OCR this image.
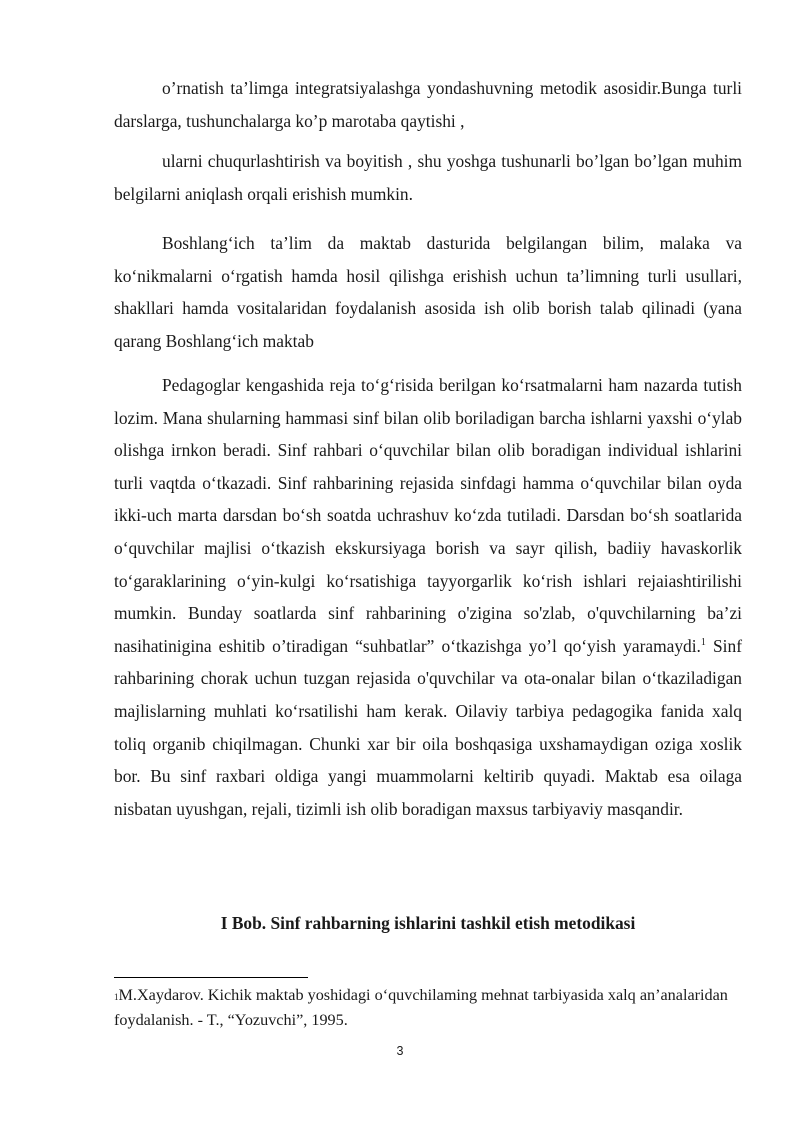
o’rnatish ta’limga integratsiyalashga yondashuvning metodik asosidir.Bunga turli darslarga, tushunchalarga ko’p marotaba qaytishi ,

ularni chuqurlashtirish va boyitish , shu yoshga tushunarli bo’lgan bo’lgan muhim belgilarni aniqlash orqali erishish mumkin.

Boshlang‘ich ta’lim da maktab dasturida belgilangan bilim, malaka va ko‘nikmalarni o‘rgatish hamda hosil qilishga erishish uchun ta’limning turli usullari, shakllari hamda vositalaridan foydalanish asosida ish olib borish talab qilinadi (yana qarang Boshlang‘ich maktab

Pedagoglar kengashida reja to‘g‘risida berilgan ko‘rsatmalarni ham nazarda tutish lozim. Mana shularning hammasi sinf bilan olib boriladigan barcha ishlarni yaxshi o‘ylab olishga irnkon beradi. Sinf rahbari o‘quvchilar bilan olib boradigan individual ishlarini turli vaqtda o‘tkazadi. Sinf rahbarining rejasida sinfdagi hamma o‘quvchilar bilan oyda ikki-uch marta darsdan bo‘sh soatda uchrashuv ko‘zda tutiladi. Darsdan bo‘sh soatlarida o‘quvchilar majlisi o‘tkazish ekskursiyaga borish va sayr qilish, badiiy havaskorlik to‘garaklarining o‘yin-kulgi ko‘rsatishiga tayyorgarlik ko‘rish ishlari rejaiashtirilishi mumkin. Bunday soatlarda sinf rahbarining o'zigina so'zlab, o'quvchilarning ba’zi nasihatinigina eshitib o’tiradigan “suhbatlar” o‘tkazishga yo’l qo‘yish yaramaydi.$^1$ Sinf rahbarining chorak uchun tuzgan rejasida o'quvchilar va ota-onalar bilan o‘tkaziladigan majlislarning muhlati ko‘rsatilishi ham kerak. Oilaviy tarbiya pedagogika fanida xalq toliq organib chiqilmagan. Chunki xar bir oila boshqasiga uxshamaydigan oziga xoslik bor. Bu sinf raxbari oldiga yangi muammolarni keltirib quyadi. Maktab esa oilaga nisbatan uyushgan, rejali, tizimli ish olib boradigan maxsus tarbiyaviy masqandir.

I Bob. Sinf rahbarning ishlarini tashkil etish metodikasi

1M.Xaydarov. Kichik maktab yoshidagi o‘quvchilaming mehnat tarbiyasida xalq an’analaridan foydalanish. - T., “Yozuvchi”, 1995.

3
